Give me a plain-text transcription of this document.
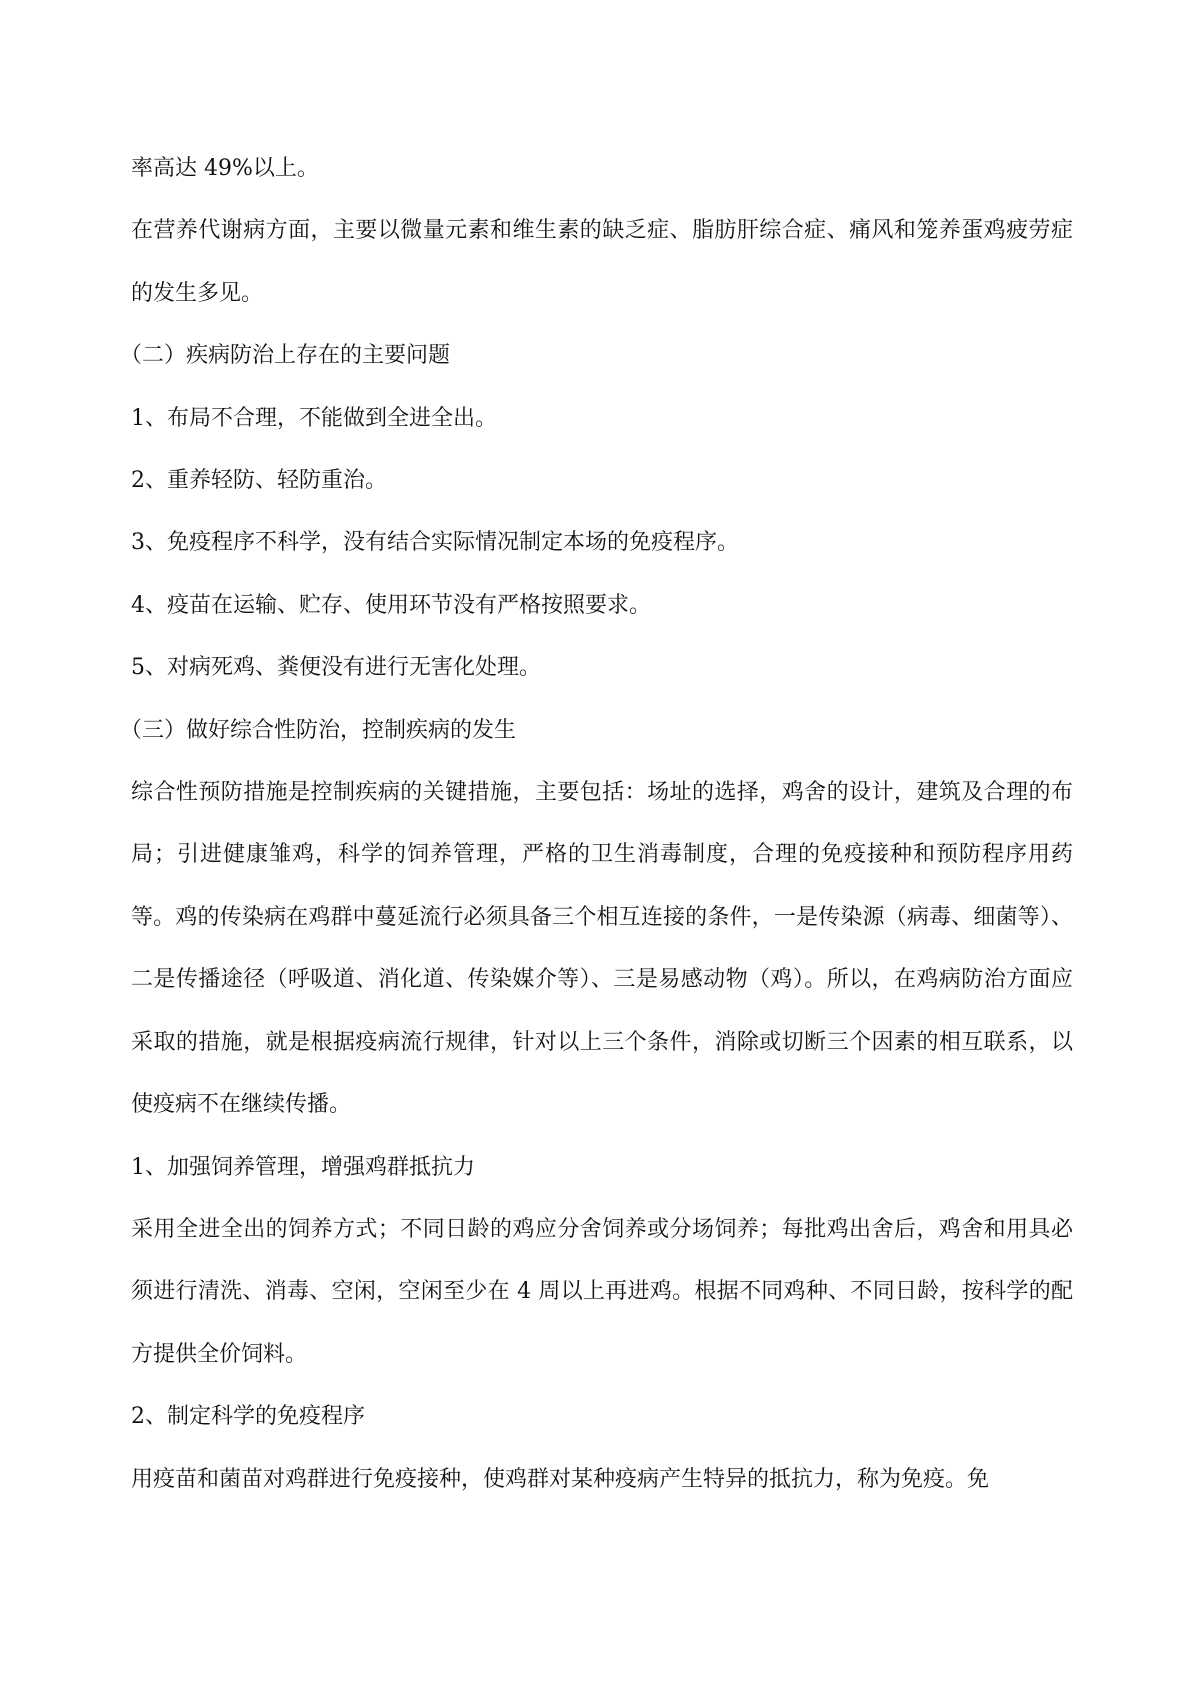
率高达 49%以上。

在营养代谢病方面，主要以微量元素和维生素的缺乏症、脂肪肝综合症、痛风和笼养蛋鸡疲劳症的发生多见。

（二）疾病防治上存在的主要问题

1、布局不合理，不能做到全进全出。

2、重养轻防、轻防重治。

3、免疫程序不科学，没有结合实际情况制定本场的免疫程序。

4、疫苗在运输、贮存、使用环节没有严格按照要求。

5、对病死鸡、粪便没有进行无害化处理。

（三）做好综合性防治，控制疾病的发生

综合性预防措施是控制疾病的关键措施，主要包括：场址的选择，鸡舍的设计，建筑及合理的布局；引进健康雏鸡，科学的饲养管理，严格的卫生消毒制度，合理的免疫接种和预防程序用药等。鸡的传染病在鸡群中蔓延流行必须具备三个相互连接的条件，一是传染源（病毒、细菌等）、二是传播途径（呼吸道、消化道、传染媒介等）、三是易感动物（鸡）。所以，在鸡病防治方面应采取的措施，就是根据疫病流行规律，针对以上三个条件，消除或切断三个因素的相互联系，以使疫病不在继续传播。

1、加强饲养管理，增强鸡群抵抗力

采用全进全出的饲养方式；不同日龄的鸡应分舍饲养或分场饲养；每批鸡出舍后，鸡舍和用具必须进行清洗、消毒、空闲，空闲至少在 4 周以上再进鸡。根据不同鸡种、不同日龄，按科学的配方提供全价饲料。

2、制定科学的免疫程序

用疫苗和菌苗对鸡群进行免疫接种，使鸡群对某种疫病产生特异的抵抗力，称为免疫。免
